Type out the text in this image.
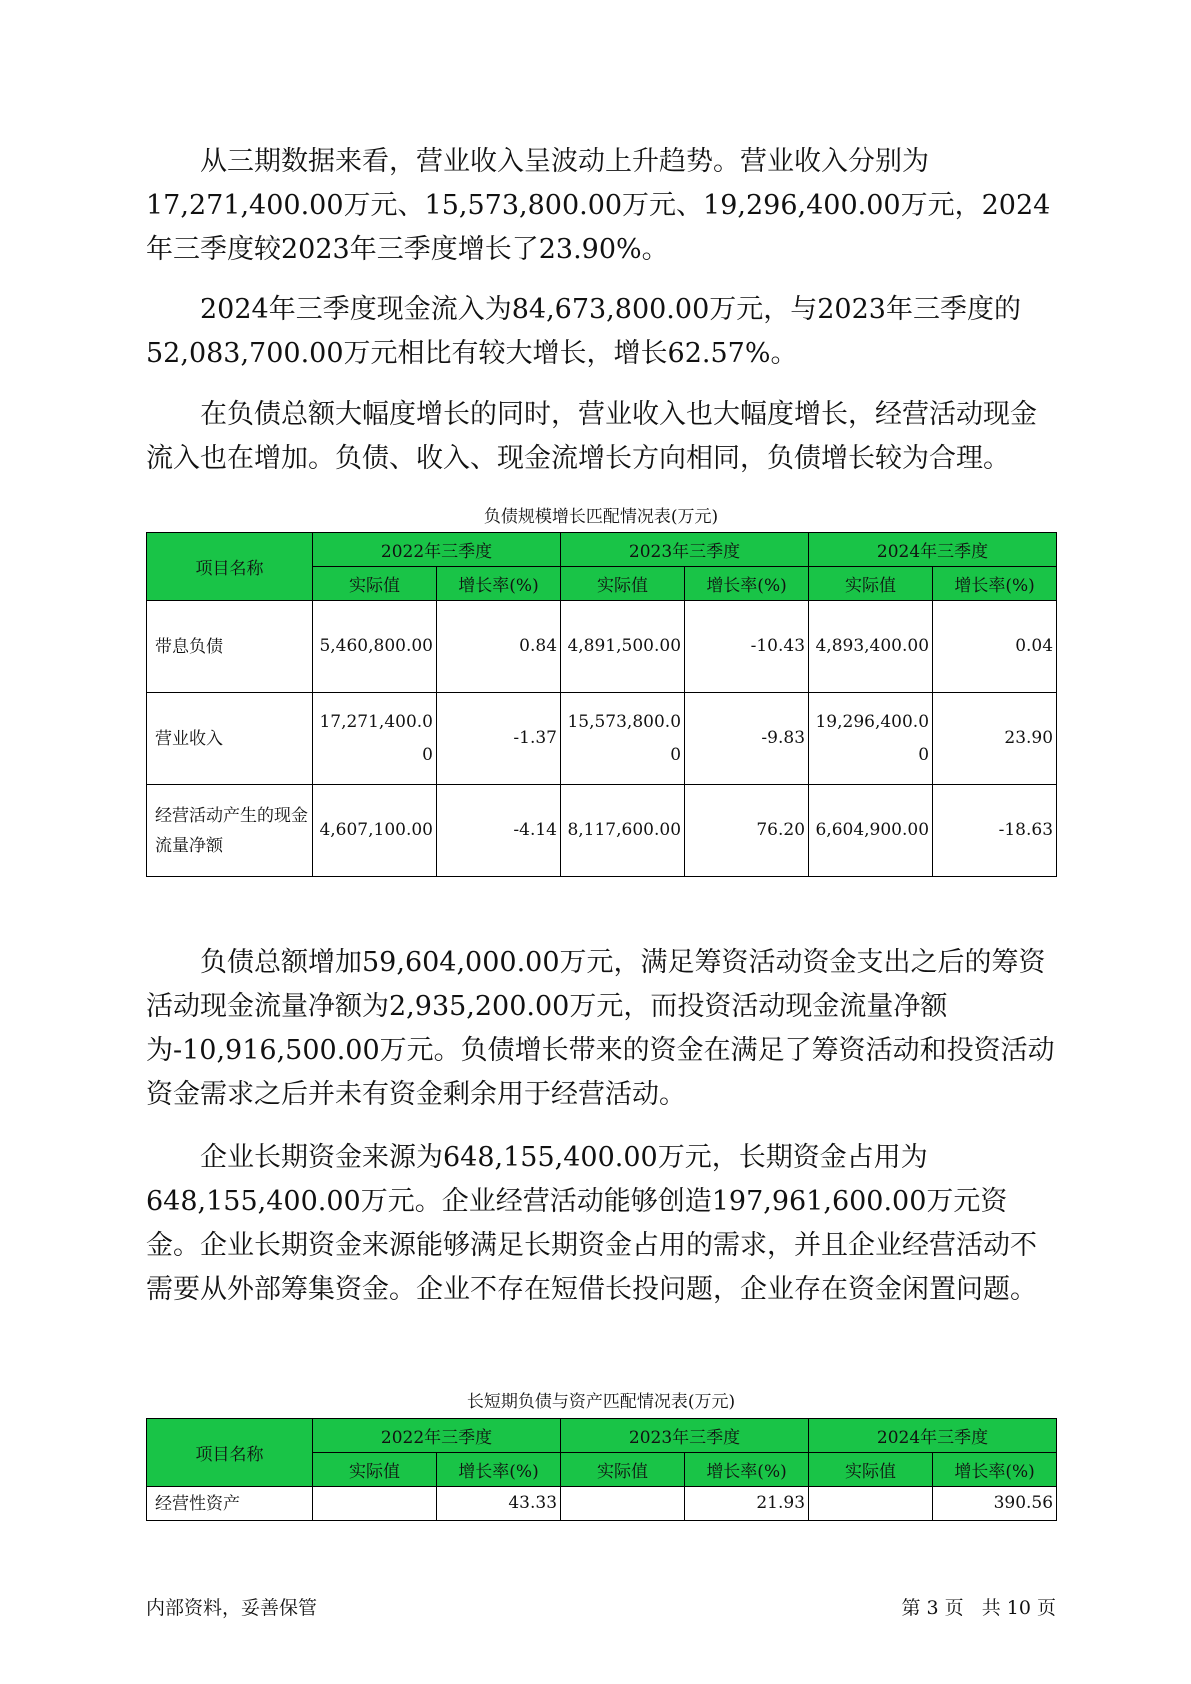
从三期数据来看，营业收入呈波动上升趋势。营业收入分别为17,271,400.00万元、15,573,800.00万元、19,296,400.00万元，2024年三季度较2023年三季度增长了23.90%。

2024年三季度现金流入为84,673,800.00万元，与2023年三季度的52,083,700.00万元相比有较大增长，增长62.57%。

在负债总额大幅度增长的同时，营业收入也大幅度增长，经营活动现金流入也在增加。负债、收入、现金流增长方向相同，负债增长较为合理。

负债规模增长匹配情况表(万元)
项目名称	2022年三季度		2023年三季度		2024年三季度	
	实际值	增长率(%)	实际值	增长率(%)	实际值	增长率(%)
带息负债	5,460,800.00	0.84	4,891,500.00	-10.43	4,893,400.00	0.04
营业收入	17,271,400.00	-1.37	15,573,800.00	-9.83	19,296,400.00	23.90
经营活动产生的现金流量净额	4,607,100.00	-4.14	8,117,600.00	76.20	6,604,900.00	-18.63

负债总额增加59,604,000.00万元，满足筹资活动资金支出之后的筹资活动现金流量净额为2,935,200.00万元，而投资活动现金流量净额为-10,916,500.00万元。负债增长带来的资金在满足了筹资活动和投资活动资金需求之后并未有资金剩余用于经营活动。

企业长期资金来源为648,155,400.00万元，长期资金占用为648,155,400.00万元。企业经营活动能够创造197,961,600.00万元资金。企业长期资金来源能够满足长期资金占用的需求，并且企业经营活动不需要从外部筹集资金。企业不存在短借长投问题，企业存在资金闲置问题。

长短期负债与资产匹配情况表(万元)
项目名称	2022年三季度		2023年三季度		2024年三季度	
	实际值	增长率(%)	实际值	增长率(%)	实际值	增长率(%)
经营性资产		43.33		21.93		390.56
内部资料，妥善保管	第 3 页   共 10 页
